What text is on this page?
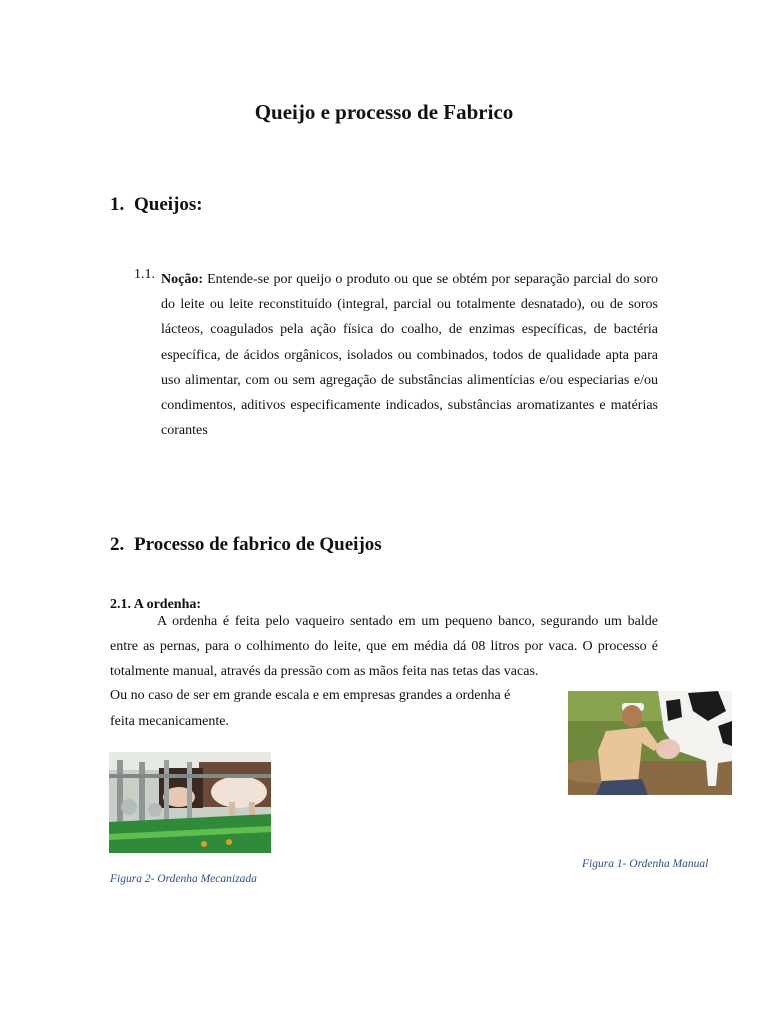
Queijo e processo de Fabrico
1. Queijos:
1.1. Noção: Entende-se por queijo o produto ou que se obtém por separação parcial do soro do leite ou leite reconstituído (integral, parcial ou totalmente desnatado), ou de soros lácteos, coagulados pela ação física do coalho, de enzimas específicas, de bactéria específica, de ácidos orgânicos, isolados ou combinados, todos de qualidade apta para uso alimentar, com ou sem agregação de substâncias alimentícias e/ou especiarias e/ou condimentos, aditivos especificamente indicados, substâncias aromatizantes e matérias corantes
2. Processo de fabrico de Queijos
2.1. A ordenha:
A ordenha é feita pelo vaqueiro sentado em um pequeno banco, segurando um balde entre as pernas, para o colhimento do leite, que em média dá 08 litros por vaca. O processo é totalmente manual, através da pressão com as mãos feita nas tetas das vacas.
Ou no caso de ser em grande escala e em empresas grandes a ordenha é
feita mecanicamente.
Figura 1- Ordenha Manual
Figura 2- Ordenha Mecanizada
